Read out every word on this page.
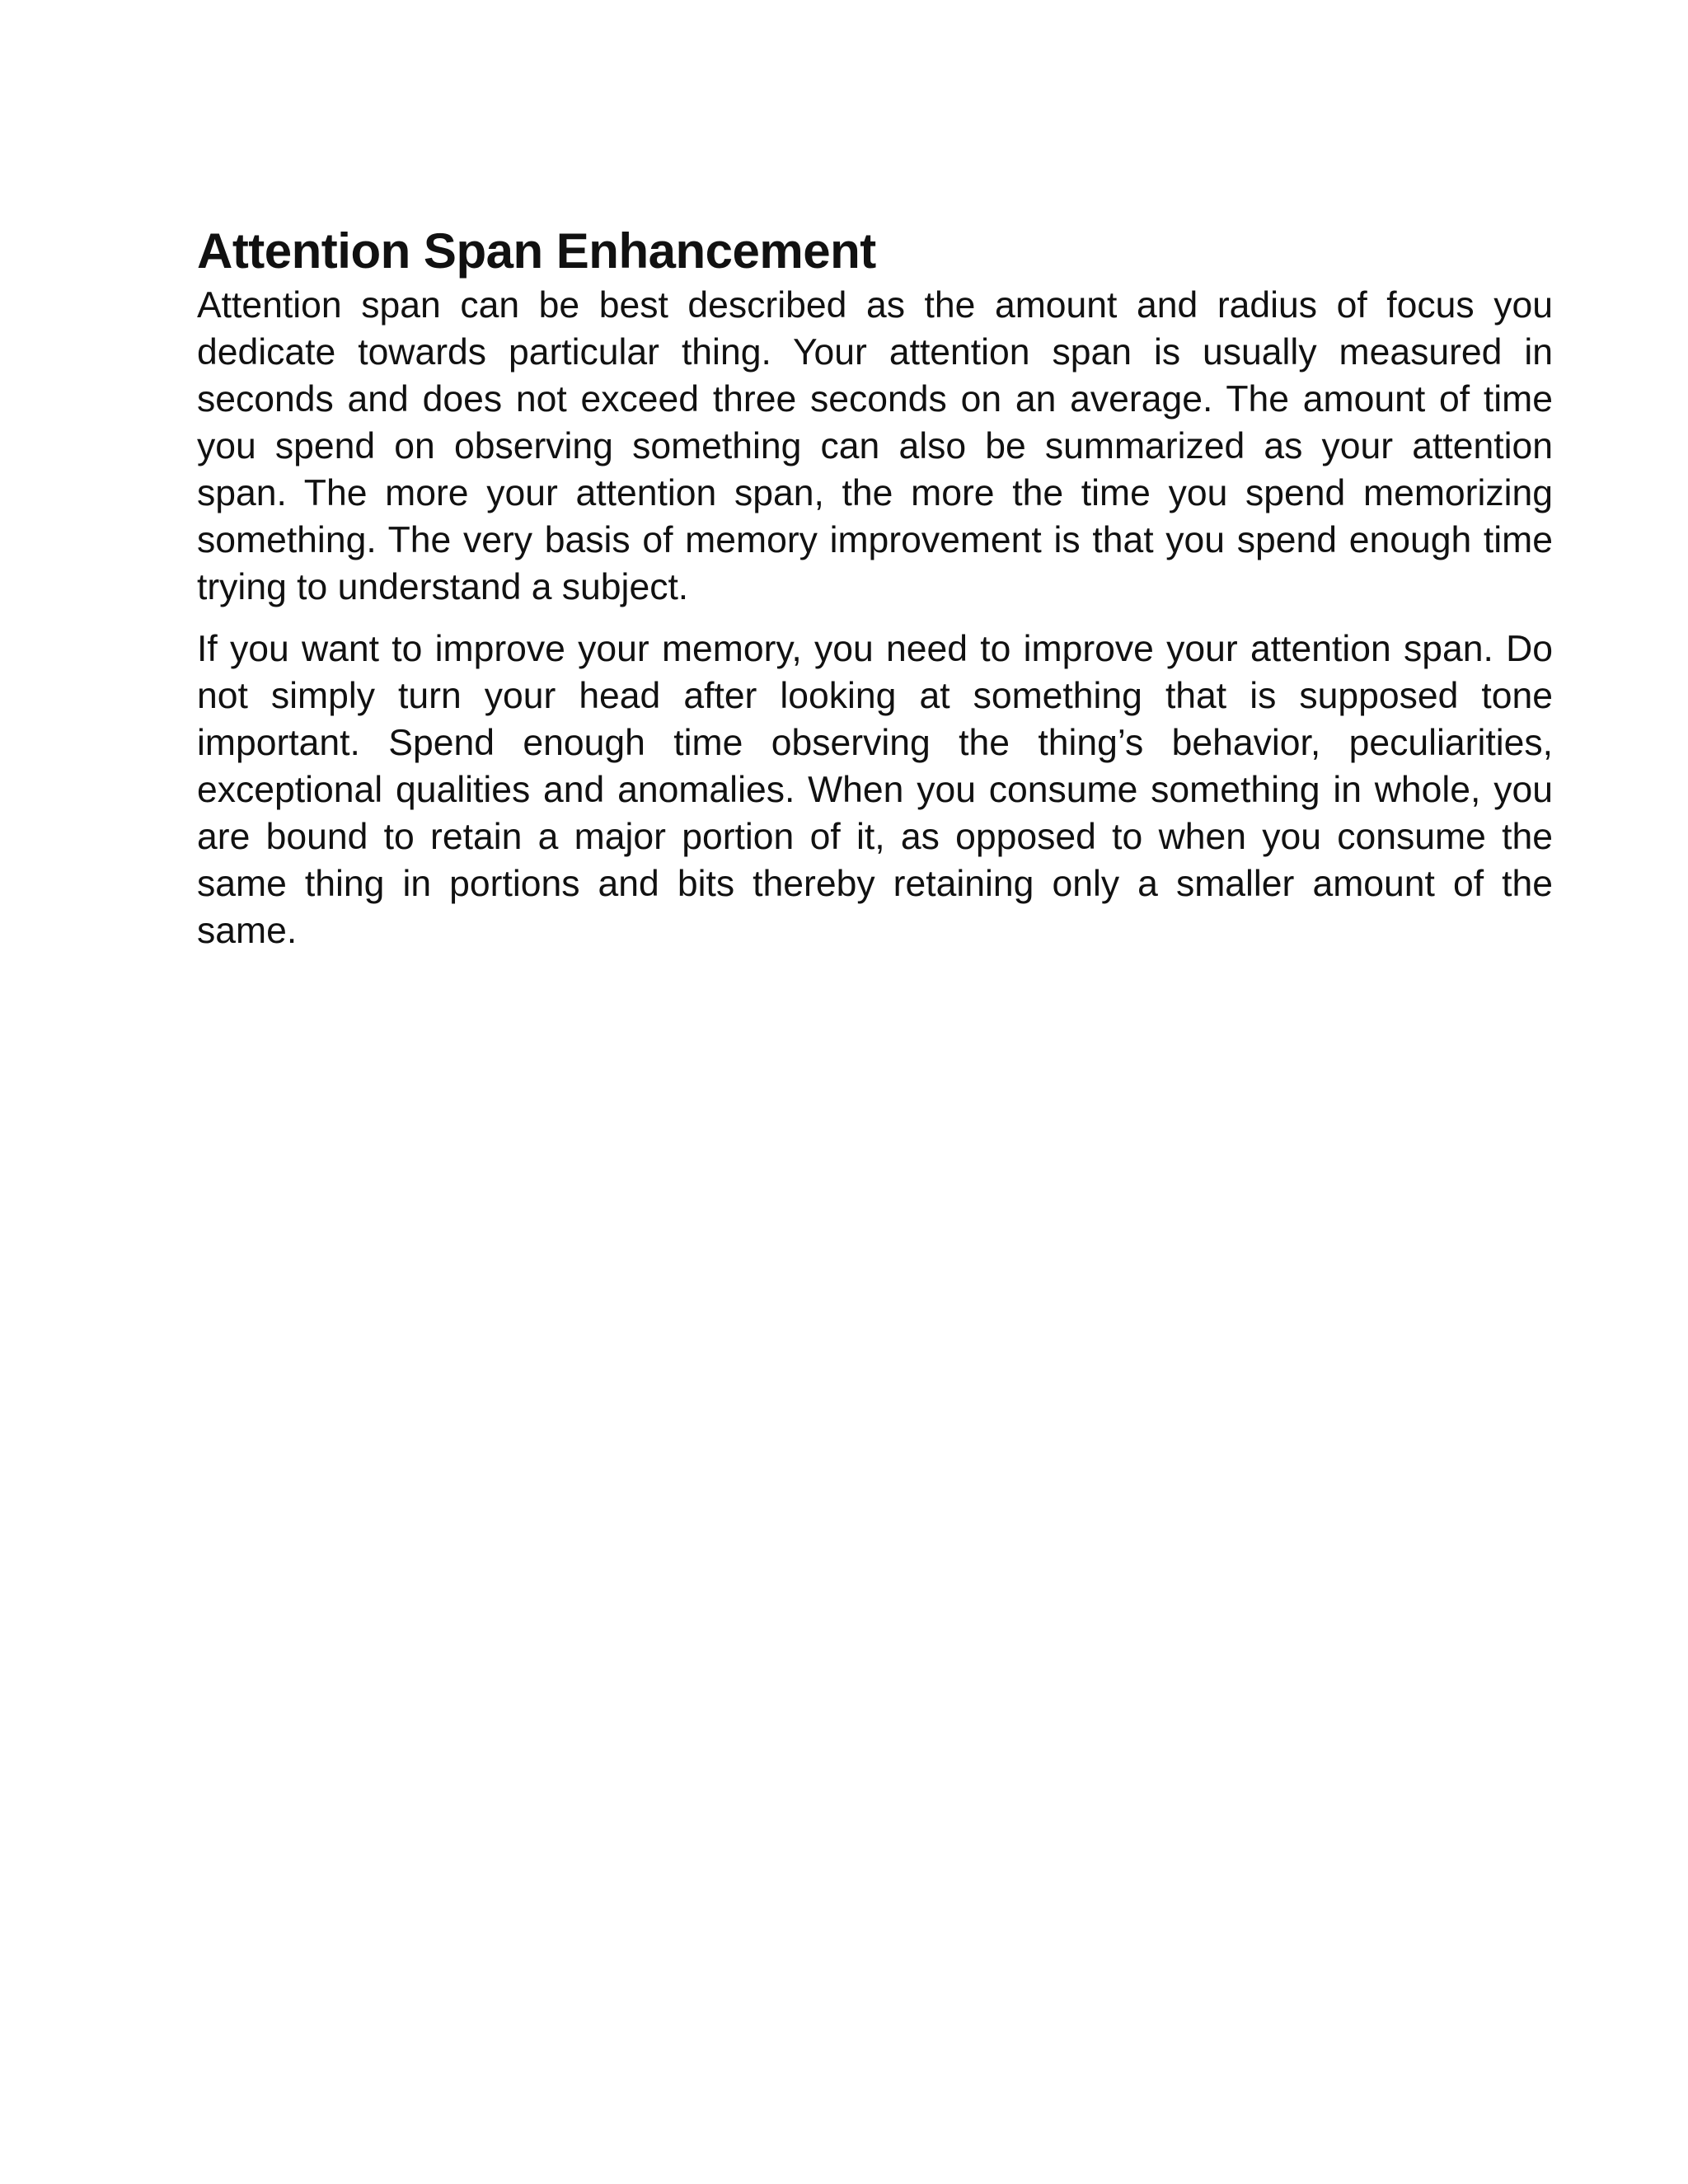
Attention Span Enhancement

Attention span can be best described as the amount and radius of focus you dedicate towards particular thing. Your attention span is usually measured in seconds and does not exceed three seconds on an average. The amount of time you spend on observing something can also be summarized as your attention span. The more your attention span, the more the time you spend memorizing something. The very basis of memory improvement is that you spend enough time trying to understand a subject.

If you want to improve your memory, you need to improve your attention span. Do not simply turn your head after looking at something that is supposed tone important. Spend enough time observing the thing’s behavior, peculiarities, exceptional qualities and anomalies. When you consume something in whole, you are bound to retain a major portion of it, as opposed to when you consume the same thing in portions and bits thereby retaining only a smaller amount of the same.
